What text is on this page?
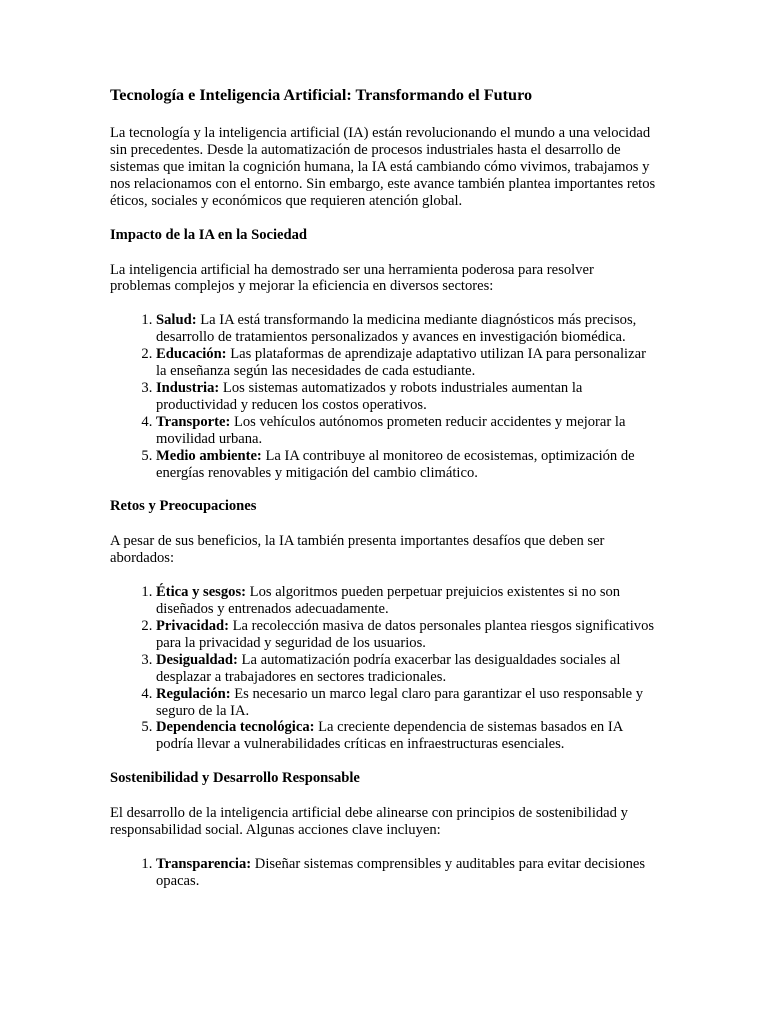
Tecnología e Inteligencia Artificial: Transformando el Futuro

La tecnología y la inteligencia artificial (IA) están revolucionando el mundo a una velocidad sin precedentes. Desde la automatización de procesos industriales hasta el desarrollo de sistemas que imitan la cognición humana, la IA está cambiando cómo vivimos, trabajamos y nos relacionamos con el entorno. Sin embargo, este avance también plantea importantes retos éticos, sociales y económicos que requieren atención global.

Impacto de la IA en la Sociedad

La inteligencia artificial ha demostrado ser una herramienta poderosa para resolver problemas complejos y mejorar la eficiencia en diversos sectores:

1. Salud: La IA está transformando la medicina mediante diagnósticos más precisos, desarrollo de tratamientos personalizados y avances en investigación biomédica.
2. Educación: Las plataformas de aprendizaje adaptativo utilizan IA para personalizar la enseñanza según las necesidades de cada estudiante.
3. Industria: Los sistemas automatizados y robots industriales aumentan la productividad y reducen los costos operativos.
4. Transporte: Los vehículos autónomos prometen reducir accidentes y mejorar la movilidad urbana.
5. Medio ambiente: La IA contribuye al monitoreo de ecosistemas, optimización de energías renovables y mitigación del cambio climático.
Retos y Preocupaciones

A pesar de sus beneficios, la IA también presenta importantes desafíos que deben ser abordados:

1. Ética y sesgos: Los algoritmos pueden perpetuar prejuicios existentes si no son diseñados y entrenados adecuadamente.
2. Privacidad: La recolección masiva de datos personales plantea riesgos significativos para la privacidad y seguridad de los usuarios.
3. Desigualdad: La automatización podría exacerbar las desigualdades sociales al desplazar a trabajadores en sectores tradicionales.
4. Regulación: Es necesario un marco legal claro para garantizar el uso responsable y seguro de la IA.
5. Dependencia tecnológica: La creciente dependencia de sistemas basados en IA podría llevar a vulnerabilidades críticas en infraestructuras esenciales.
Sostenibilidad y Desarrollo Responsable

El desarrollo de la inteligencia artificial debe alinearse con principios de sostenibilidad y responsabilidad social. Algunas acciones clave incluyen:

1. Transparencia: Diseñar sistemas comprensibles y auditables para evitar decisiones opacas.
